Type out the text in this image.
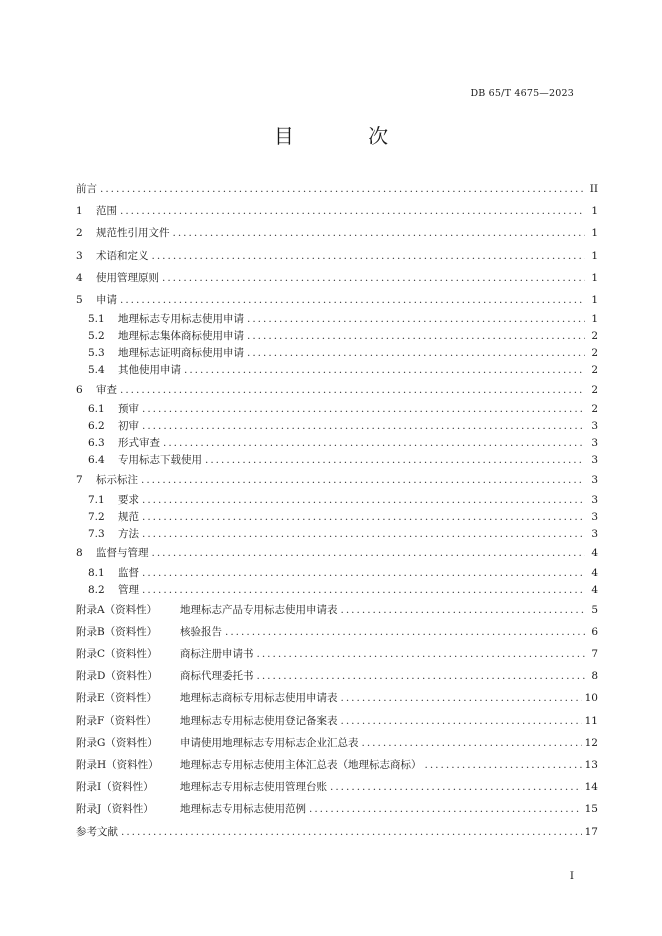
DB 65/T 4675—2023
目 次
前言 .....	II
1	范围 .....	1
2	规范性引用文件 .....	1
3	术语和定义 .....	1
4	使用管理原则 .....	1
5	申请 .....	1
5.1	地理标志专用标志使用申请 .....	1
5.2	地理标志集体商标使用申请 .....	2
5.3	地理标志证明商标使用申请 .....	2
5.4	其他使用申请 .....	2
6	审查 .....	2
6.1	预审 .....	2
6.2	初审 .....	3
6.3	形式审查 .....	3
6.4	专用标志下载使用 .....	3
7	标示标注 .....	3
7.1	要求 .....	3
7.2	规范 .....	3
7.3	方法 .....	3
8	监督与管理 .....	4
8.1	监督 .....	4
8.2	管理 .....	4
附录A（资料性）	地理标志产品专用标志使用申请表 .....	5
附录B（资料性）	核验报告 .....	6
附录C（资料性）	商标注册申请书 .....	7
附录D（资料性）	商标代理委托书 .....	8
附录E（资料性）	地理标志商标专用标志使用申请表 .....	10
附录F（资料性）	地理标志专用标志使用登记备案表 .....	11
附录G（资料性）	申请使用地理标志专用标志企业汇总表 .....	12
附录H（资料性）	地理标志专用标志使用主体汇总表（地理标志商标） .....	13
附录I（资料性）	地理标志专用标志使用管理台账 .....	14
附录J（资料性）	地理标志专用标志使用范例 .....	15
参考文献 .....	17
I
